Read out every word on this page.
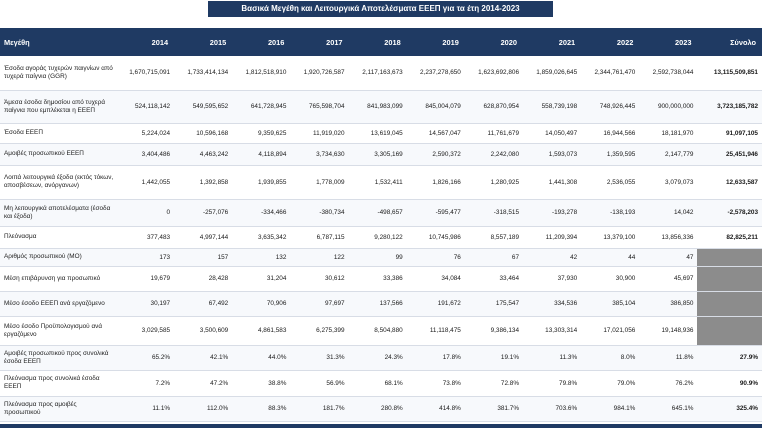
Βασικά Μεγέθη και Λειτουργικά Αποτελέσματα ΕΕΕΠ για τα έτη 2014-2023
Μεγέθη	2014	2015	2016	2017	2018	2019	2020	2021	2022	2023	Σύνολο
Έσοδα αγοράς τυχερών παιγνίων από τυχερά παίγνια (GGR)	1,670,715,091	1,733,414,134	1,812,518,910	1,920,726,587	2,117,163,673	2,237,278,650	1,623,692,806	1,859,026,645	2,344,761,470	2,592,738,044	13,115,509,851
Άμεσα έσοδα δημοσίου από τυχερά παίγνια που εμπλέκεται η ΕΕΕΠ	524,118,142	549,595,652	641,728,945	765,598,704	841,983,099	845,004,079	628,870,954	558,739,198	748,926,445	900,000,000	3,723,185,782
Έσοδα ΕΕΕΠ	5,224,024	10,596,168	9,359,625	11,919,020	13,619,045	14,567,047	11,761,679	14,050,497	16,944,566	18,181,970	91,097,105
Αμοιβές προσωπικού ΕΕΕΠ	3,404,486	4,463,242	4,118,894	3,734,630	3,305,169	2,590,372	2,242,080	1,593,073	1,359,595	2,147,779	25,451,946
Λοιπά λειτουργικά έξοδα (εκτός τόκων, αποσβέσεων, ανόργανων)	1,442,055	1,392,858	1,939,855	1,778,009	1,532,411	1,826,166	1,280,925	1,441,308	2,536,055	3,079,073	12,633,587
Μη λειτουργικά αποτελέσματα (έσοδα και έξοδα)	0	-257,076	-334,466	-380,734	-498,657	-595,477	-318,515	-193,278	-138,193	14,042	-2,578,203
Πλεόνασμα	377,483	4,997,144	3,635,342	6,787,115	9,280,122	10,745,986	8,557,189	11,209,394	13,379,100	13,856,336	82,825,211
Αριθμός προσωπικού (ΜΟ)	173	157	132	122	99	76	67	42	44	47	
Μέση επιβάρυνση για προσωπικό	19,679	28,428	31,204	30,612	33,386	34,084	33,464	37,930	30,900	45,697	
Μέσο έσοδο ΕΕΕΠ ανά εργαζόμενο	30,197	67,492	70,906	97,697	137,566	191,672	175,547	334,536	385,104	386,850	
Μέσο έσοδο Προϋπολογισμού ανά εργαζόμενο	3,029,585	3,500,609	4,861,583	6,275,399	8,504,880	11,118,475	9,386,134	13,303,314	17,021,056	19,148,936	
Αμοιβές προσωπικού προς συνολικά έσοδα ΕΕΕΠ	65.2%	42.1%	44.0%	31.3%	24.3%	17.8%	19.1%	11.3%	8.0%	11.8%	27.9%
Πλεόνασμα προς συνολικά έσοδα ΕΕΕΠ	7.2%	47.2%	38.8%	56.9%	68.1%	73.8%	72.8%	79.8%	79.0%	76.2%	90.9%
Πλεόνασμα προς αμοιβές προσωπικού	11.1%	112.0%	88.3%	181.7%	280.8%	414.8%	381.7%	703.6%	984.1%	645.1%	325.4%
